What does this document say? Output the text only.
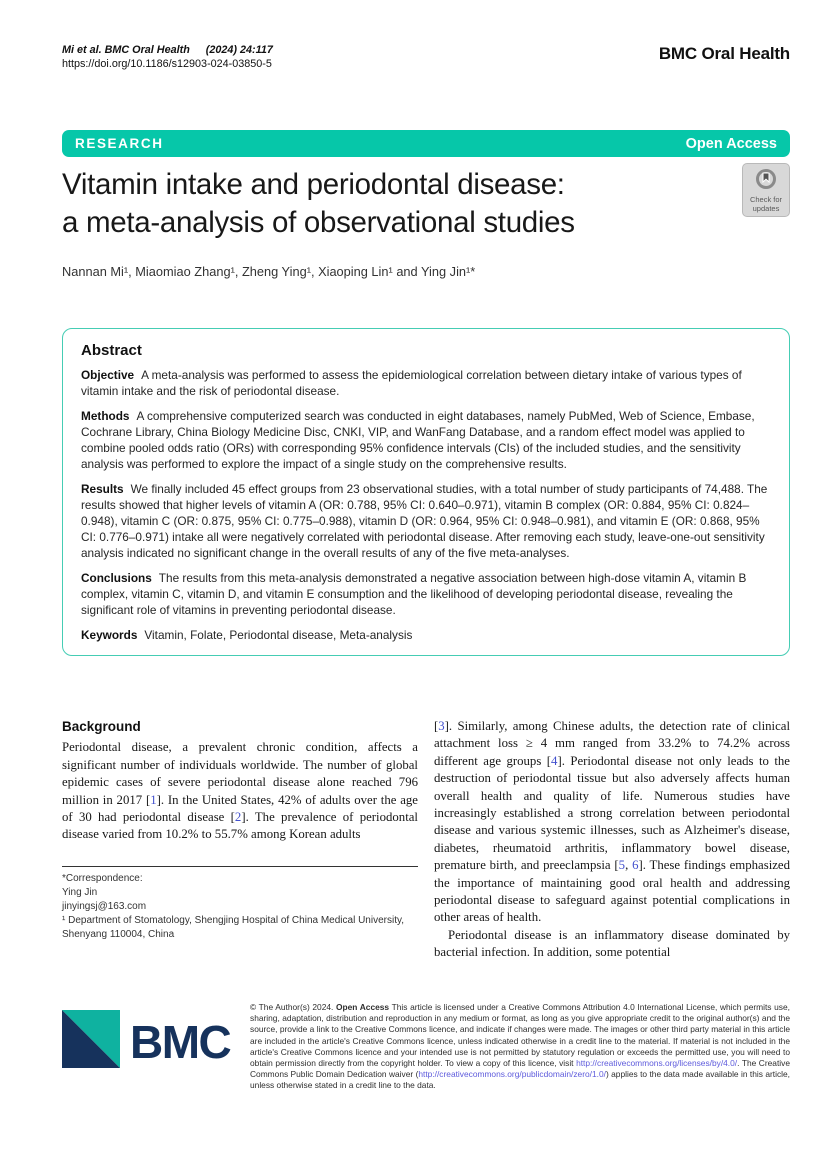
Mi et al. BMC Oral Health (2024) 24:117
https://doi.org/10.1186/s12903-024-03850-5
BMC Oral Health
RESEARCH	Open Access
Check for
updates
Vitamin intake and periodontal disease:
a meta-analysis of observational studies
Nannan Mi¹, Miaomiao Zhang¹, Zheng Ying¹, Xiaoping Lin¹ and Ying Jin¹*
Abstract

Objective A meta-analysis was performed to assess the epidemiological correlation between dietary intake of various types of vitamin intake and the risk of periodontal disease.

Methods A comprehensive computerized search was conducted in eight databases, namely PubMed, Web of Science, Embase, Cochrane Library, China Biology Medicine Disc, CNKI, VIP, and WanFang Database, and a random effect model was applied to combine pooled odds ratio (ORs) with corresponding 95% confidence intervals (CIs) of the included studies, and the sensitivity analysis was performed to explore the impact of a single study on the comprehensive results.

Results We finally included 45 effect groups from 23 observational studies, with a total number of study participants of 74,488. The results showed that higher levels of vitamin A (OR: 0.788, 95% CI: 0.640–0.971), vitamin B complex (OR: 0.884, 95% CI: 0.824–0.948), vitamin C (OR: 0.875, 95% CI: 0.775–0.988), vitamin D (OR: 0.964, 95% CI: 0.948–0.981), and vitamin E (OR: 0.868, 95% CI: 0.776–0.971) intake all were negatively correlated with periodontal disease. After removing each study, leave-one-out sensitivity analysis indicated no significant change in the overall results of any of the five meta-analyses.

Conclusions The results from this meta-analysis demonstrated a negative association between high-dose vitamin A, vitamin B complex, vitamin C, vitamin D, and vitamin E consumption and the likelihood of developing periodontal disease, revealing the significant role of vitamins in preventing periodontal disease.

Keywords Vitamin, Folate, Periodontal disease, Meta-analysis

Background

Periodontal disease, a prevalent chronic condition, affects a significant number of individuals worldwide. The number of global epidemic cases of severe periodontal disease alone reached 796 million in 2017 [1]. In the United States, 42% of adults over the age of 30 had periodontal disease [2]. The prevalence of periodontal disease varied from 10.2% to 55.7% among Korean adults

*Correspondence:
Ying Jin
jinyingsj@163.com
¹ Department of Stomatology, Shengjing Hospital of China Medical University, Shenyang 110004, China

[3]. Similarly, among Chinese adults, the detection rate of clinical attachment loss ≥ 4 mm ranged from 33.2% to 74.2% across different age groups [4]. Periodontal disease not only leads to the destruction of periodontal tissue but also adversely affects human overall health and quality of life. Numerous studies have increasingly established a strong correlation between periodontal disease and various systemic illnesses, such as Alzheimer's disease, diabetes, rheumatoid arthritis, inflammatory bowel disease, premature birth, and preeclampsia [5, 6]. These findings emphasized the importance of maintaining good oral health and addressing periodontal disease to safeguard against potential complications in other areas of health.

Periodontal disease is an inflammatory disease dominated by bacterial infection. In addition, some potential

BMC
© The Author(s) 2024. Open Access This article is licensed under a Creative Commons Attribution 4.0 International License, which permits use, sharing, adaptation, distribution and reproduction in any medium or format, as long as you give appropriate credit to the original author(s) and the source, provide a link to the Creative Commons licence, and indicate if changes were made. The images or other third party material in this article are included in the article's Creative Commons licence, unless indicated otherwise in a credit line to the material. If material is not included in the article's Creative Commons licence and your intended use is not permitted by statutory regulation or exceeds the permitted use, you will need to obtain permission directly from the copyright holder. To view a copy of this licence, visit http://creativecommons.org/licenses/by/4.0/. The Creative Commons Public Domain Dedication waiver (http://creativecommons.org/publicdomain/zero/1.0/) applies to the data made available in this article, unless otherwise stated in a credit line to the data.
